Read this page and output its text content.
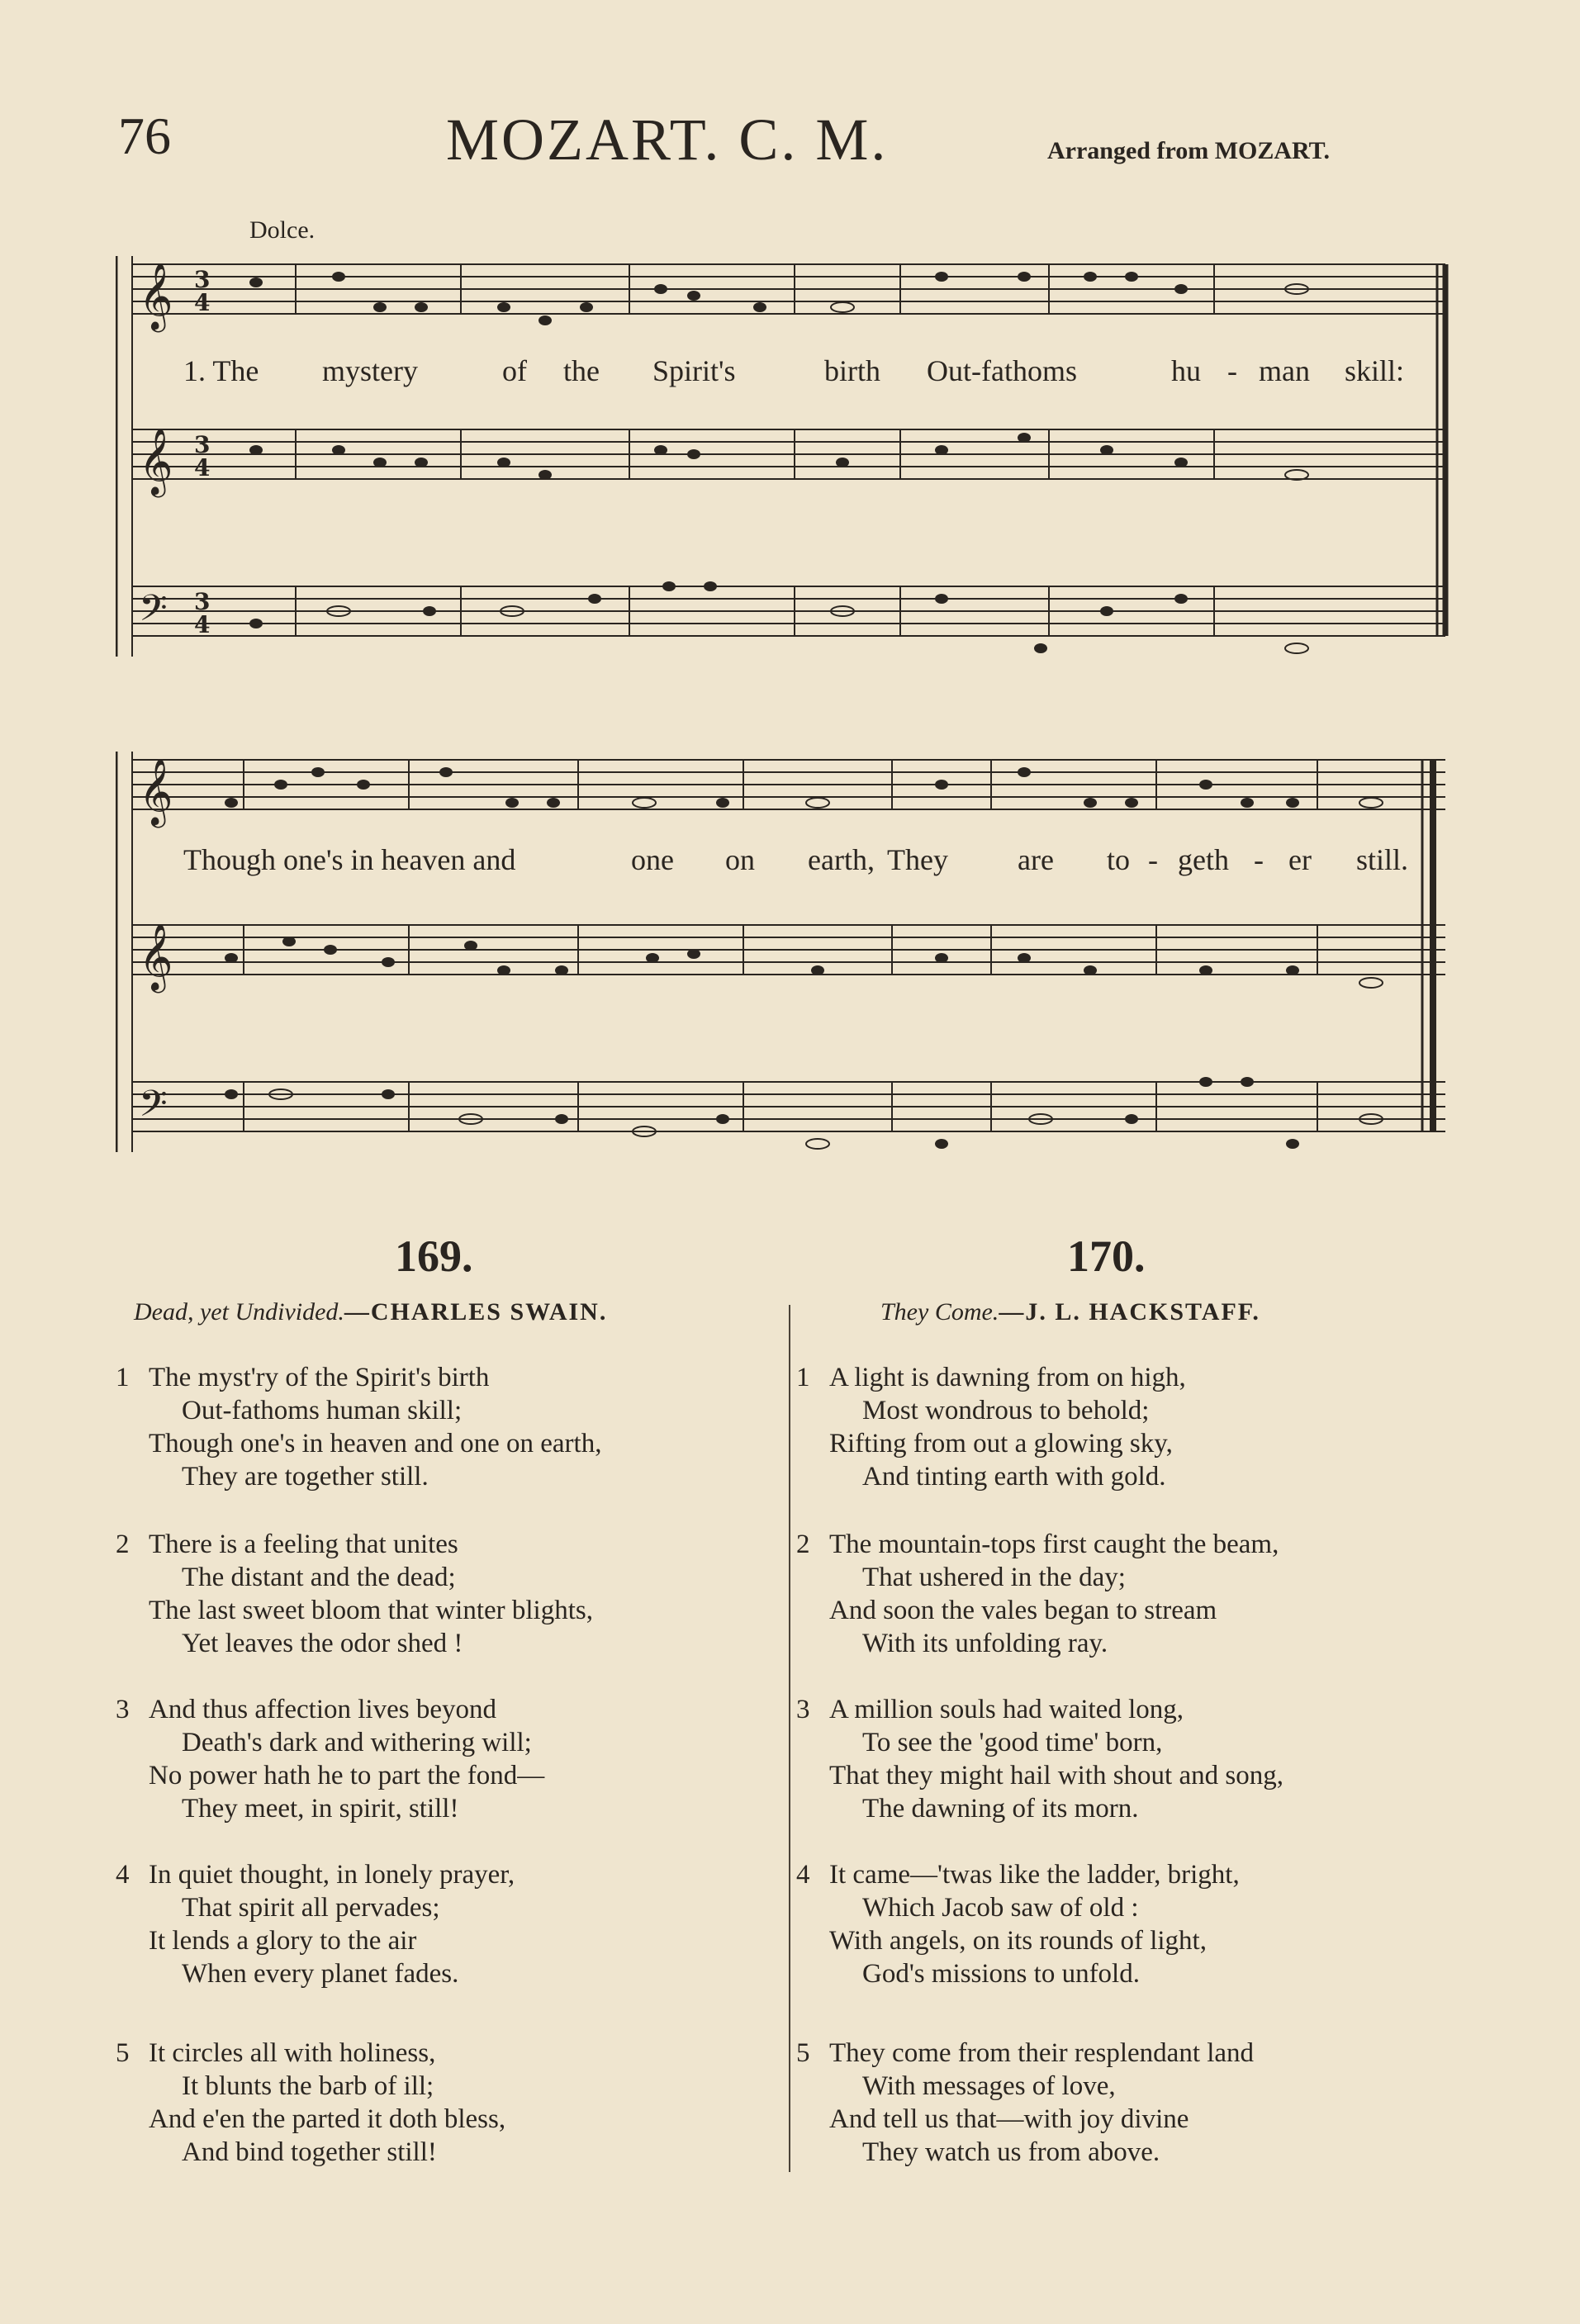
76	MOZART. C. M.	Arranged from MOZART.
Dolce.
𝄞
𝄞
𝄢
3
4
3
4
3
4
1. The mystery	of the Spirit's	birth Out-fathoms	hu - man skill:
𝄞
𝄞
𝄢
Though one's in heaven and	one on earth, They are to - geth - er still.
169.
Dead, yet Undivided.—CHARLES SWAIN.
170.
They Come.—J. L. HACKSTAFF.
1 The myst'ry of the Spirit's birth
Out-fathoms human skill;
Though one's in heaven and one on earth,
They are together still.
2 There is a feeling that unites
The distant and the dead;
The last sweet bloom that winter blights,
Yet leaves the odor shed !
3 And thus affection lives beyond
Death's dark and withering will;
No power hath he to part the fond—
They meet, in spirit, still!
4 In quiet thought, in lonely prayer,
That spirit all pervades;
It lends a glory to the air
When every planet fades.
5 It circles all with holiness,
It blunts the barb of ill;
And e'en the parted it doth bless,
And bind together still!
1 A light is dawning from on high,
Most wondrous to behold;
Rifting from out a glowing sky,
And tinting earth with gold.
2 The mountain-tops first caught the beam,
That ushered in the day;
And soon the vales began to stream
With its unfolding ray.
3 A million souls had waited long,
To see the 'good time' born,
That they might hail with shout and song,
The dawning of its morn.
4 It came—'twas like the ladder, bright,
Which Jacob saw of old :
With angels, on its rounds of light,
God's missions to unfold.
5 They come from their resplendant land
With messages of love,
And tell us that—with joy divine
They watch us from above.
